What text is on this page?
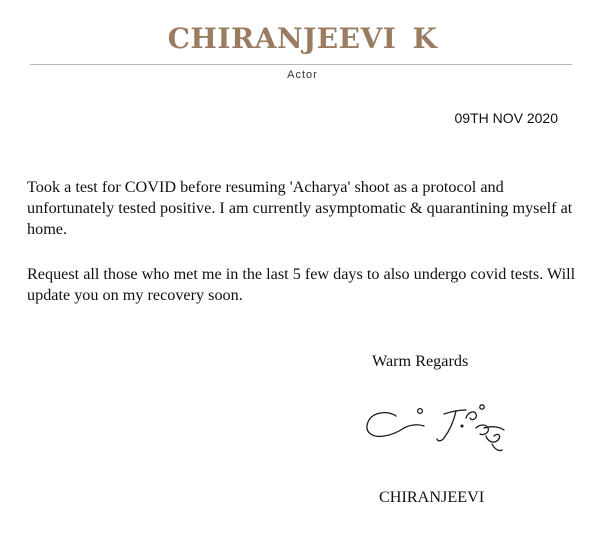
CHIRANJEEVI K
Actor
09TH NOV 2020

Took a test for COVID before resuming 'Acharya' shoot as a protocol and unfortunately tested positive. I am currently asymptomatic & quarantining myself at home.

Request all those who met me in the last 5 few days to also undergo covid tests. Will update you on my recovery soon.

Warm Regards
CHIRANJEEVI
